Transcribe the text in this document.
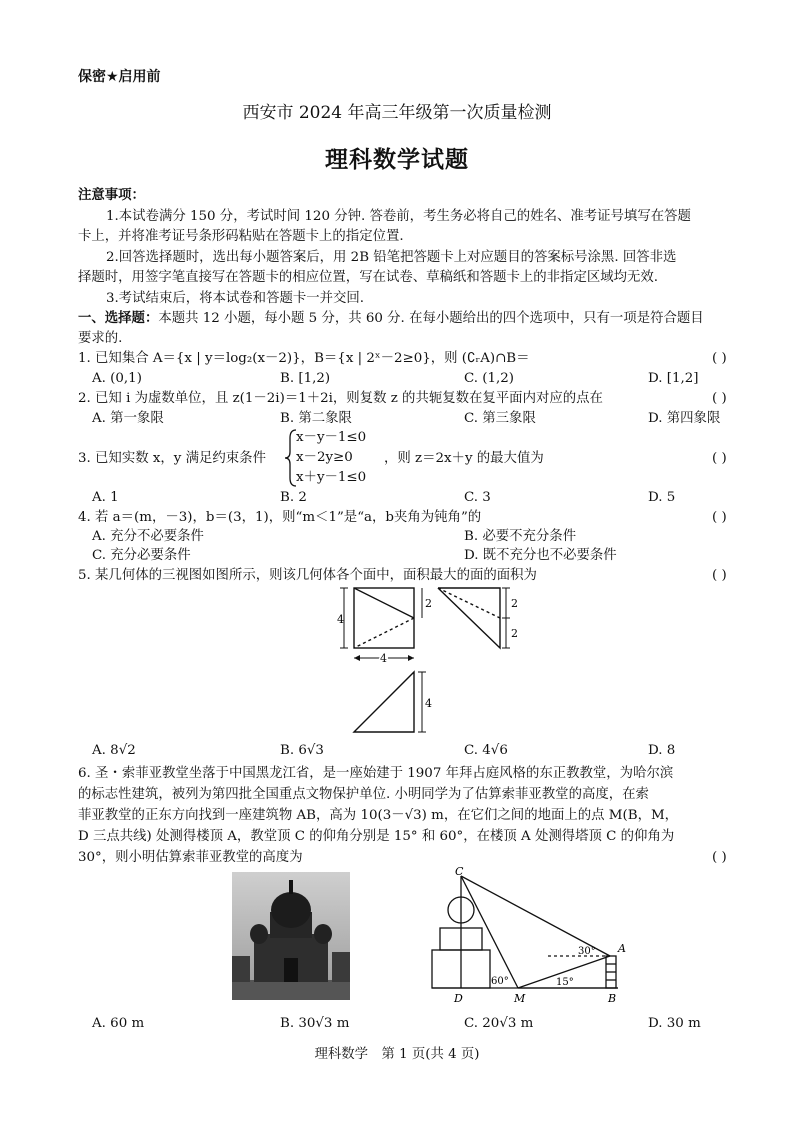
保密★启用前
西安市 2024 年高三年级第一次质量检测
理科数学试题
注意事项：
1.本试卷满分 150 分，考试时间 120 分钟. 答卷前，考生务必将自己的姓名、准考证号填写在答题
卡上，并将准考证号条形码粘贴在答题卡上的指定位置.
2.回答选择题时，选出每小题答案后，用 2B 铅笔把答题卡上对应题目的答案标号涂黑. 回答非选
择题时，用签字笔直接写在答题卡的相应位置，写在试卷、草稿纸和答题卡上的非指定区域均无效.
3.考试结束后，将本试卷和答题卡一并交回.
一、选择题：本题共 12 小题，每小题 5 分，共 60 分. 在每小题给出的四个选项中，只有一项是符合题目
要求的.
1. 已知集合 A＝{x | y＝log₂(x－2)}，B＝{x | 2ˣ－2≥0}，则 (∁ᵣA)∩B＝	( )
A. (0,1)	B. [1,2)	C. (1,2)	D. [1,2]
2. 已知 i 为虚数单位，且 z(1－2i)＝1＋2i，则复数 z 的共轭复数在复平面内对应的点在	( )
A. 第一象限	B. 第二象限	C. 第三象限	D. 第四象限
3. 已知实数 x，y 满足约束条件
x－y－1≤0
x－2y≥0
x＋y－1≤0
，则 z＝2x＋y 的最大值为	( )
A. 1	B. 2	C. 3	D. 5
4. 若 a＝(m，－3)，b＝(3，1)，则“m＜1”是“a，b夹角为钝角”的	( )
A. 充分不必要条件	B. 必要不充分条件
C. 充分必要条件	D. 既不充分也不必要条件
5. 某几何体的三视图如图所示，则该几何体各个面中，面积最大的面的面积为	( )
4
2	2
2
4
4
A. 8√2	B. 6√3	C. 4√6	D. 8
6. 圣・索菲亚教堂坐落于中国黑龙江省，是一座始建于 1907 年拜占庭风格的东正教教堂，为哈尔滨
的标志性建筑，被列为第四批全国重点文物保护单位. 小明同学为了估算索菲亚教堂的高度，在索
菲亚教堂的正东方向找到一座建筑物 AB，高为 10(3－√3) m，在它们之间的地面上的点 M(B，M，
D 三点共线) 处测得楼顶 A，教堂顶 C 的仰角分别是 15° 和 60°，在楼顶 A 处测得塔顶 C 的仰角为
30°，则小明估算索菲亚教堂的高度为	( )
C
A
D	M	B
30°
60°	15°
A. 60 m	B. 30√3 m	C. 20√3 m	D. 30 m
理科数学　第 1 页(共 4 页)
